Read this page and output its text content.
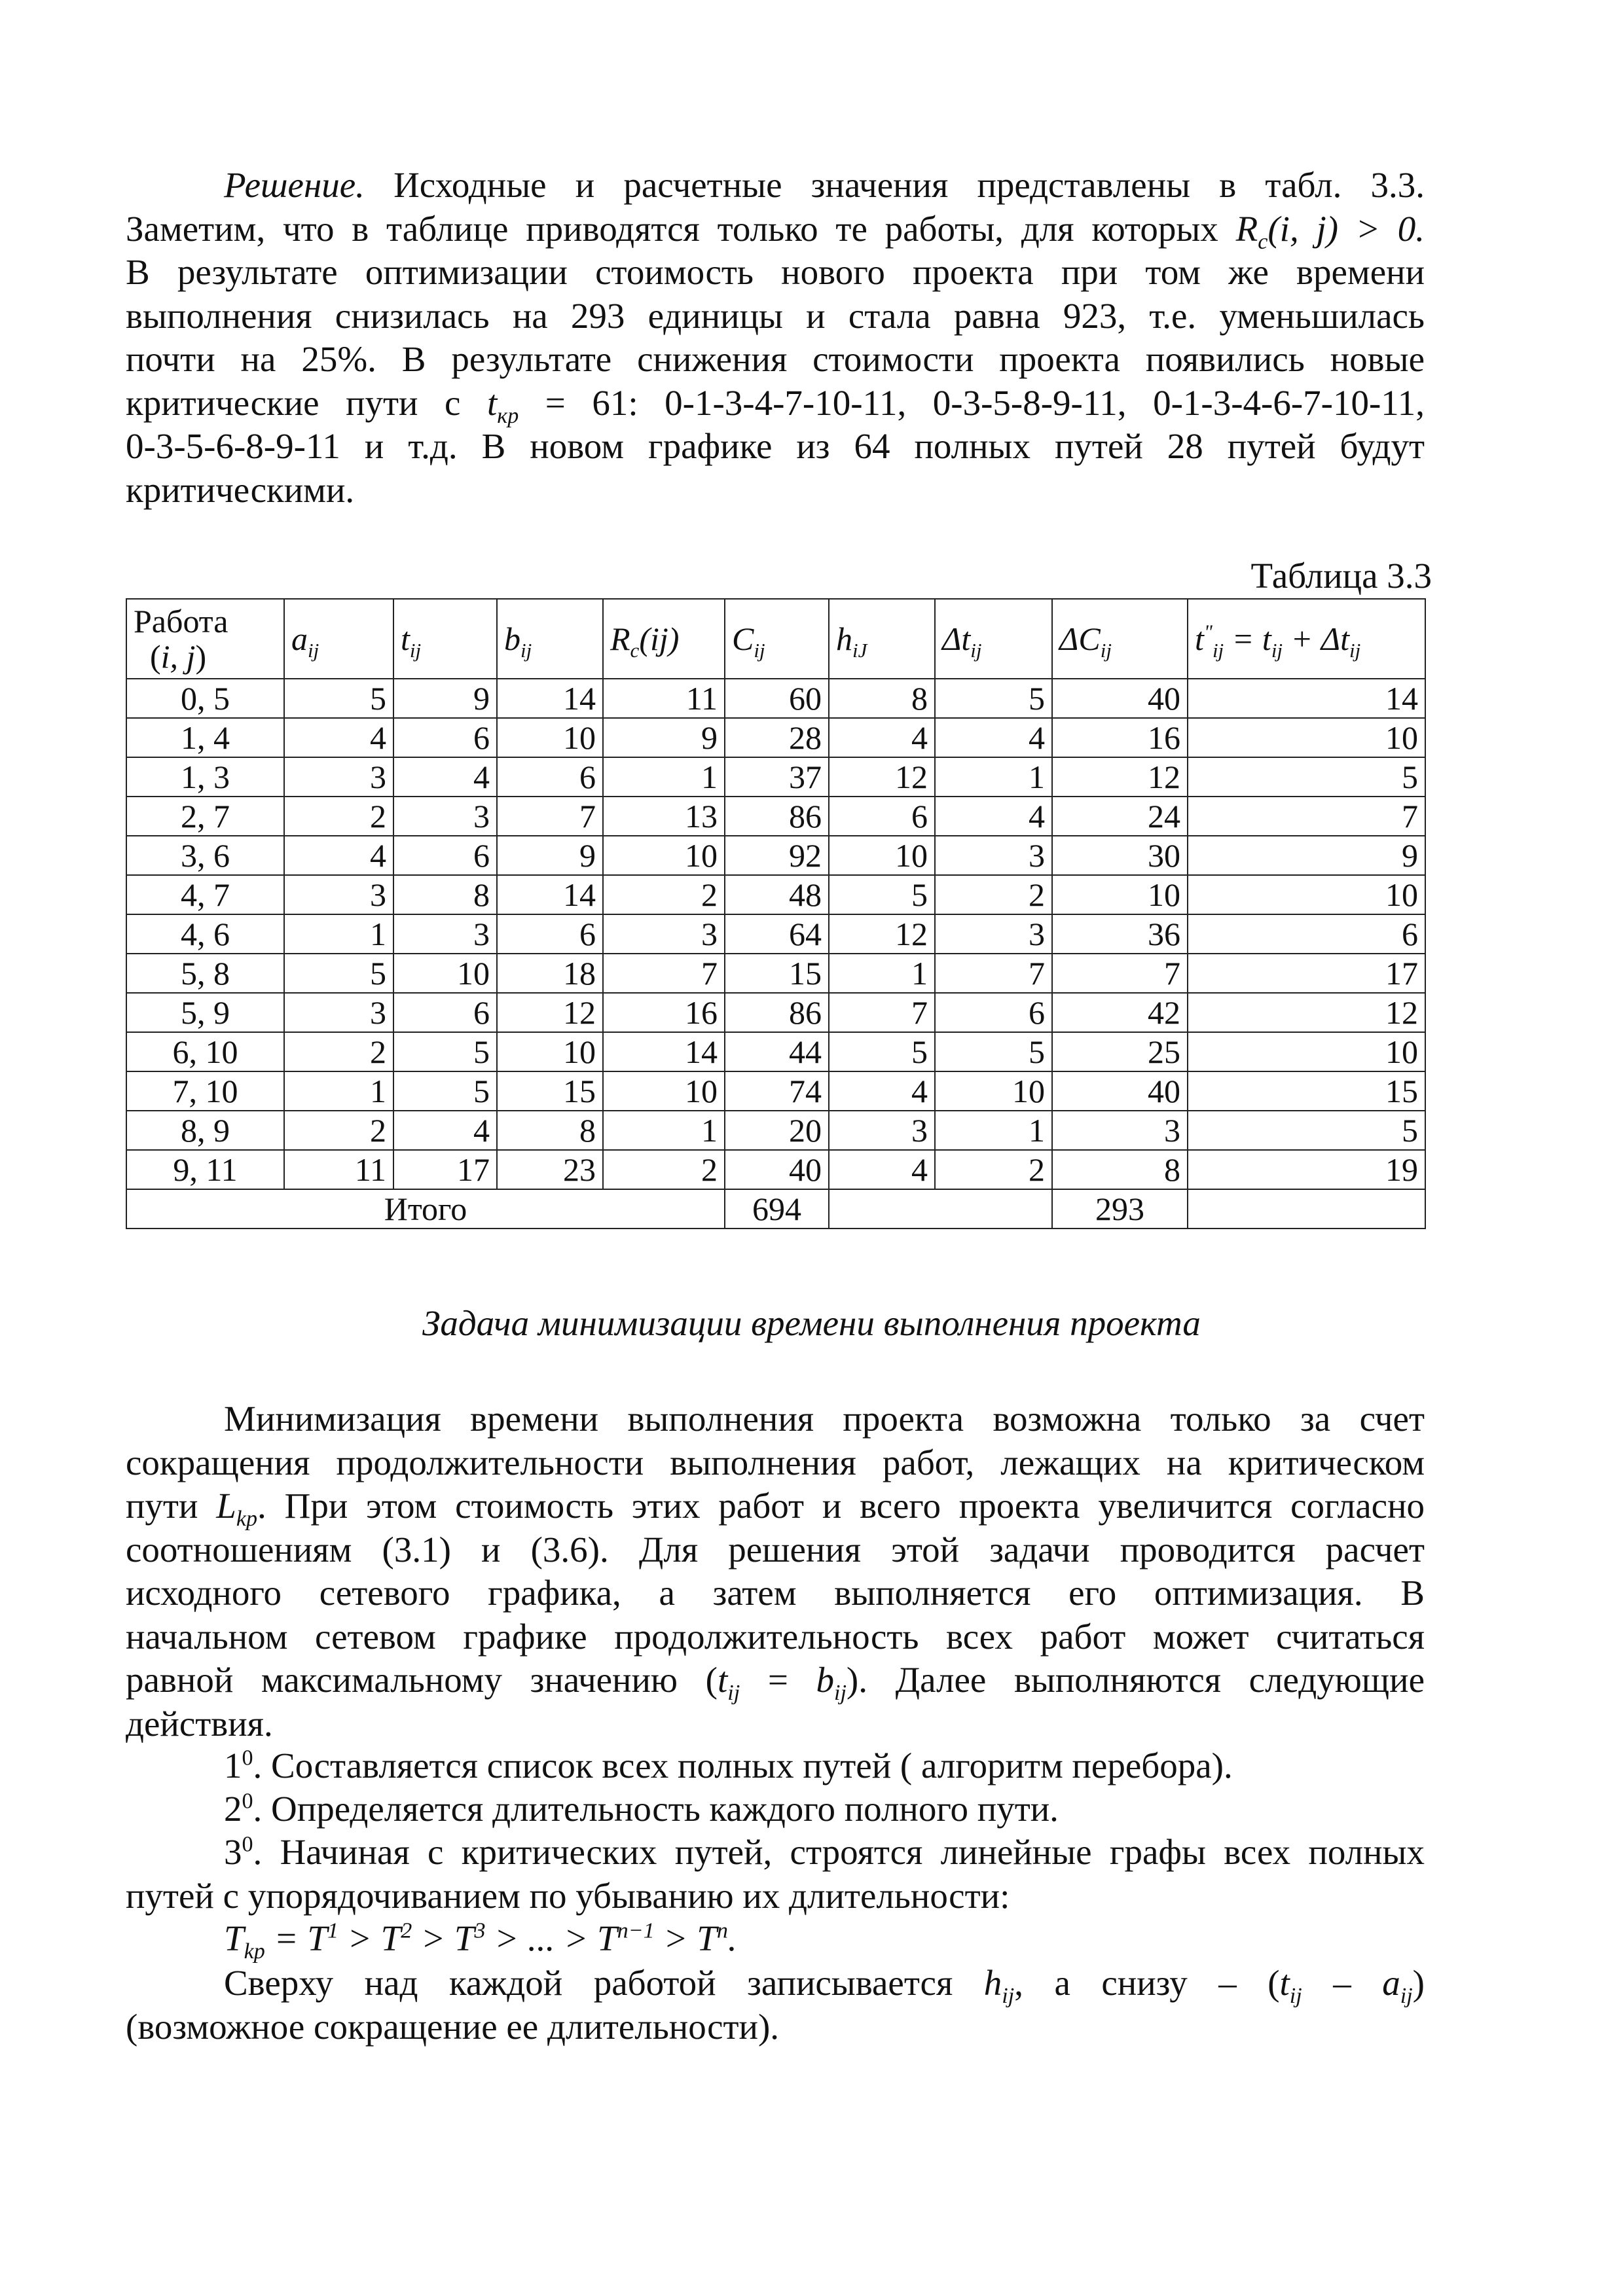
Решение. Исходные и расчетные значения представлены в табл. 3.3.
Заметим, что в таблице приводятся только те работы, для которых $R_c(i$, j) > 0.
В результате оптимизации стоимость нового проекта при том же времени
выполнения снизилась на 293 единицы и стала равна 923, т.е. уменьшилась
почти на 25%. В результате снижения стоимости проекта появились новые
критические пути с $t_{кр} = 61$: 0-1-3-4-7-10-11, 0-3-5-8-9-11, 0-1-3-4-6-7-10-11,
0-3-5-6-8-9-11 и т.д. В новом графике из 64 полных путей 28 путей будут
критическими.
Таблица 3.3
Работа
(i, j)	$a_{ij}$	$t_{ij}$	$b_{ij}$	$R_c(ij)$	$C_{ij}$	$h_{iJ}$	$\Delta t_{ij}$	$\Delta C_{ij}$	$t^"_{ij} = t_{ij} + \Delta t_{ij}$
0, 5	5	9	14	11	60	8	5	40	14
1, 4	4	6	10	9	28	4	4	16	10
1, 3	3	4	6	1	37	12	1	12	5
2, 7	2	3	7	13	86	6	4	24	7
3, 6	4	6	9	10	92	10	3	30	9
4, 7	3	8	14	2	48	5	2	10	10
4, 6	1	3	6	3	64	12	3	36	6
5, 8	5	10	18	7	15	1	7	7	17
5, 9	3	6	12	16	86	7	6	42	12
6, 10	2	5	10	14	44	5	5	25	10
7, 10	1	5	15	10	74	4	10	40	15
8, 9	2	4	8	1	20	3	1	3	5
9, 11	11	17	23	2	40	4	2	8	19
Итого					694			293	
Задача минимизации времени выполнения проекта
Минимизация времени выполнения проекта возможна только за счет
сокращения продолжительности выполнения работ, лежащих на критическом
пути $L_{kp}$. При этом стоимость этих работ и всего проекта увеличится согласно
соотношениям (3.1) и (3.6). Для решения этой задачи проводится расчет
исходного сетевого графика, а затем выполняется его оптимизация. В
начальном сетевом графике продолжительность всех работ может считаться
равной максимальному значению $(t_{ij} = b_{ij})$. Далее выполняются следующие
действия.
$1^0$. Составляется список всех полных путей ( алгоритм перебора).
$2^0$. Определяется длительность каждого полного пути.
$3^0$. Начиная с критических путей, строятся линейные графы всех полных
путей с упорядочиванием по убыванию их длительности:
$T_{kp} = T^1 > T^2 > T^3$ > ... > $T^{n-1} > T^n$.
Сверху над каждой работой записывается $h_{ij}$, а снизу – $(t_{ij} - a_{ij})$
(возможное сокращение ее длительности).
